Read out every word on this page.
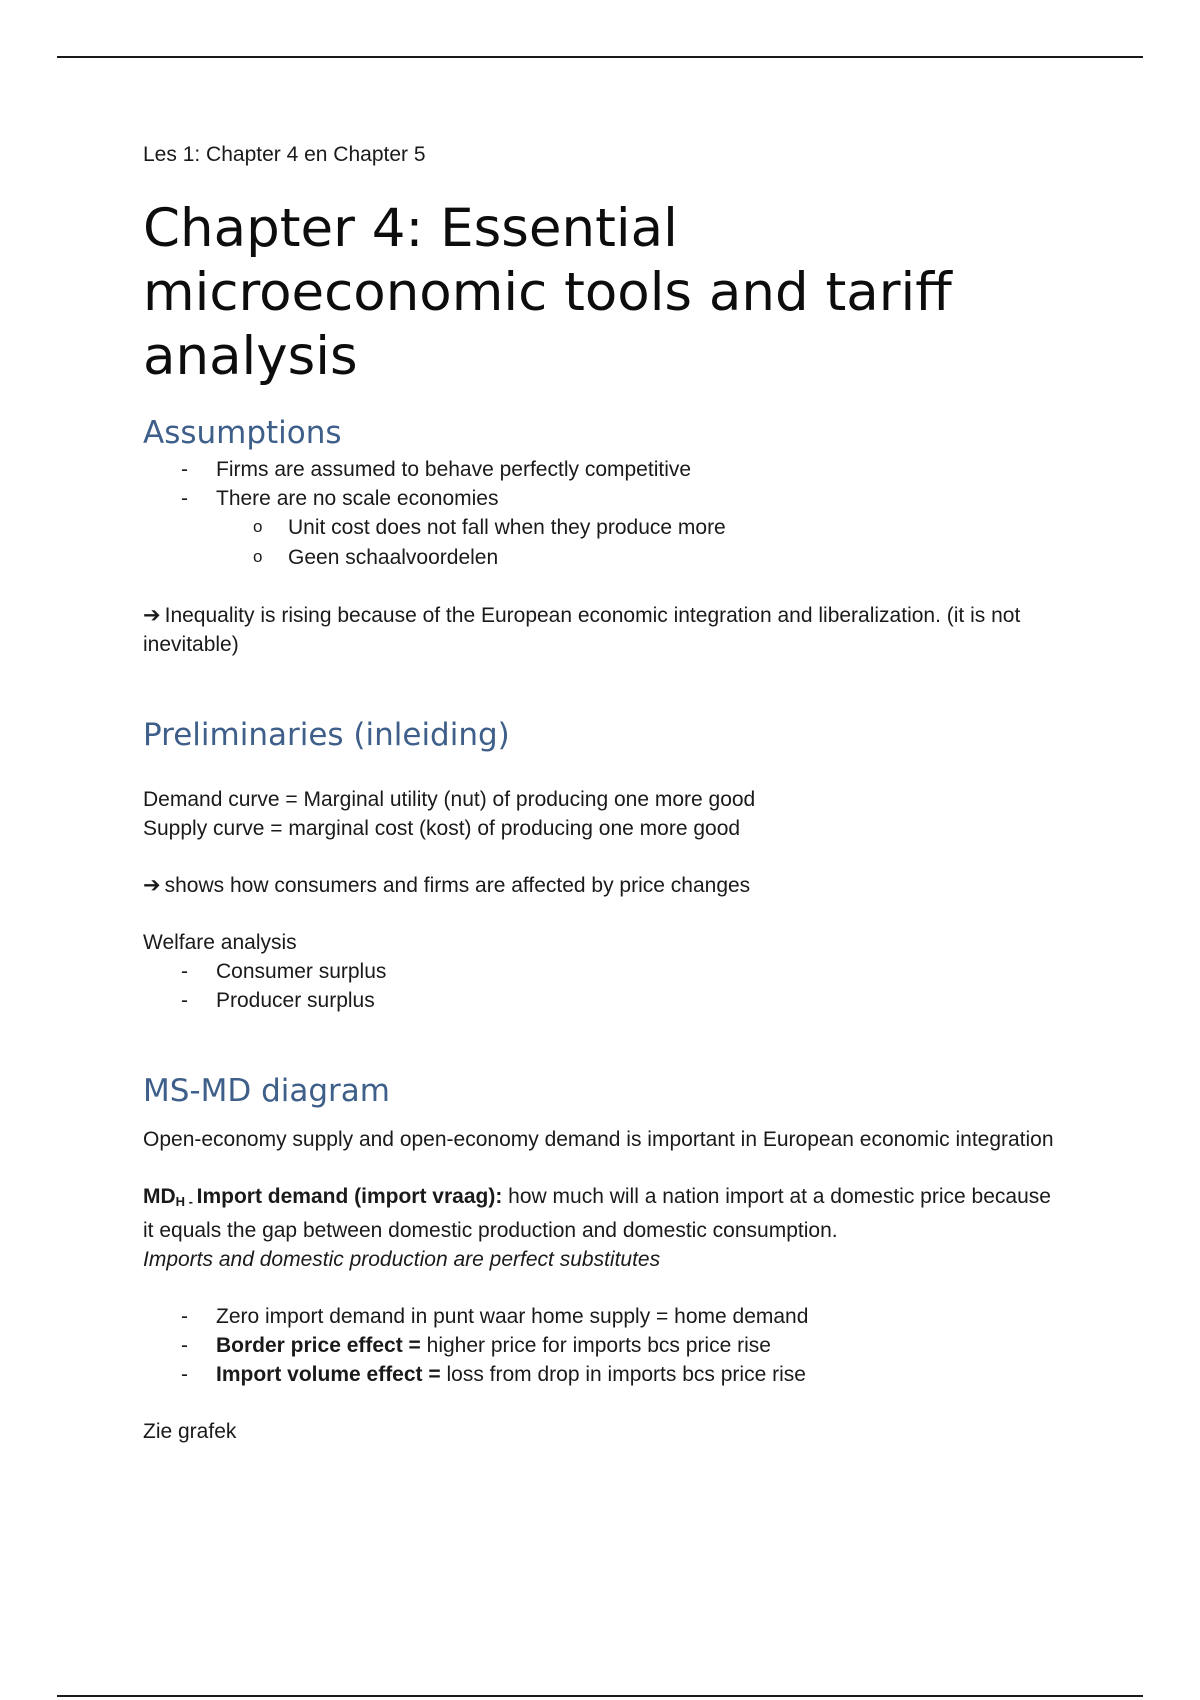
Les 1: Chapter 4 en Chapter 5

Chapter 4: Essential microeconomic tools and tariff analysis
Assumptions
- Firms are assumed to behave perfectly competitive
- There are no scale economies
o Unit cost does not fall when they produce more
o Geen schaalvoordelen

➔ Inequality is rising because of the European economic integration and liberalization. (it is not inevitable)

Preliminaries (inleiding)

Demand curve = Marginal utility (nut) of producing one more good

Supply curve = marginal cost (kost) of producing one more good

➔ shows how consumers and firms are affected by price changes

Welfare analysis

- Consumer surplus
- Producer surplus
MS-MD diagram

Open-economy supply and open-economy demand is important in European economic integration

$MD_H$ $_-$ Import demand (import vraag): how much will a nation import at a domestic price because it equals the gap between domestic production and domestic consumption.
Imports and domestic production are perfect substitutes

- Zero import demand in punt waar home supply = home demand
- Border price effect = higher price for imports bcs price rise
- Import volume effect = loss from drop in imports bcs price rise

Zie grafek
